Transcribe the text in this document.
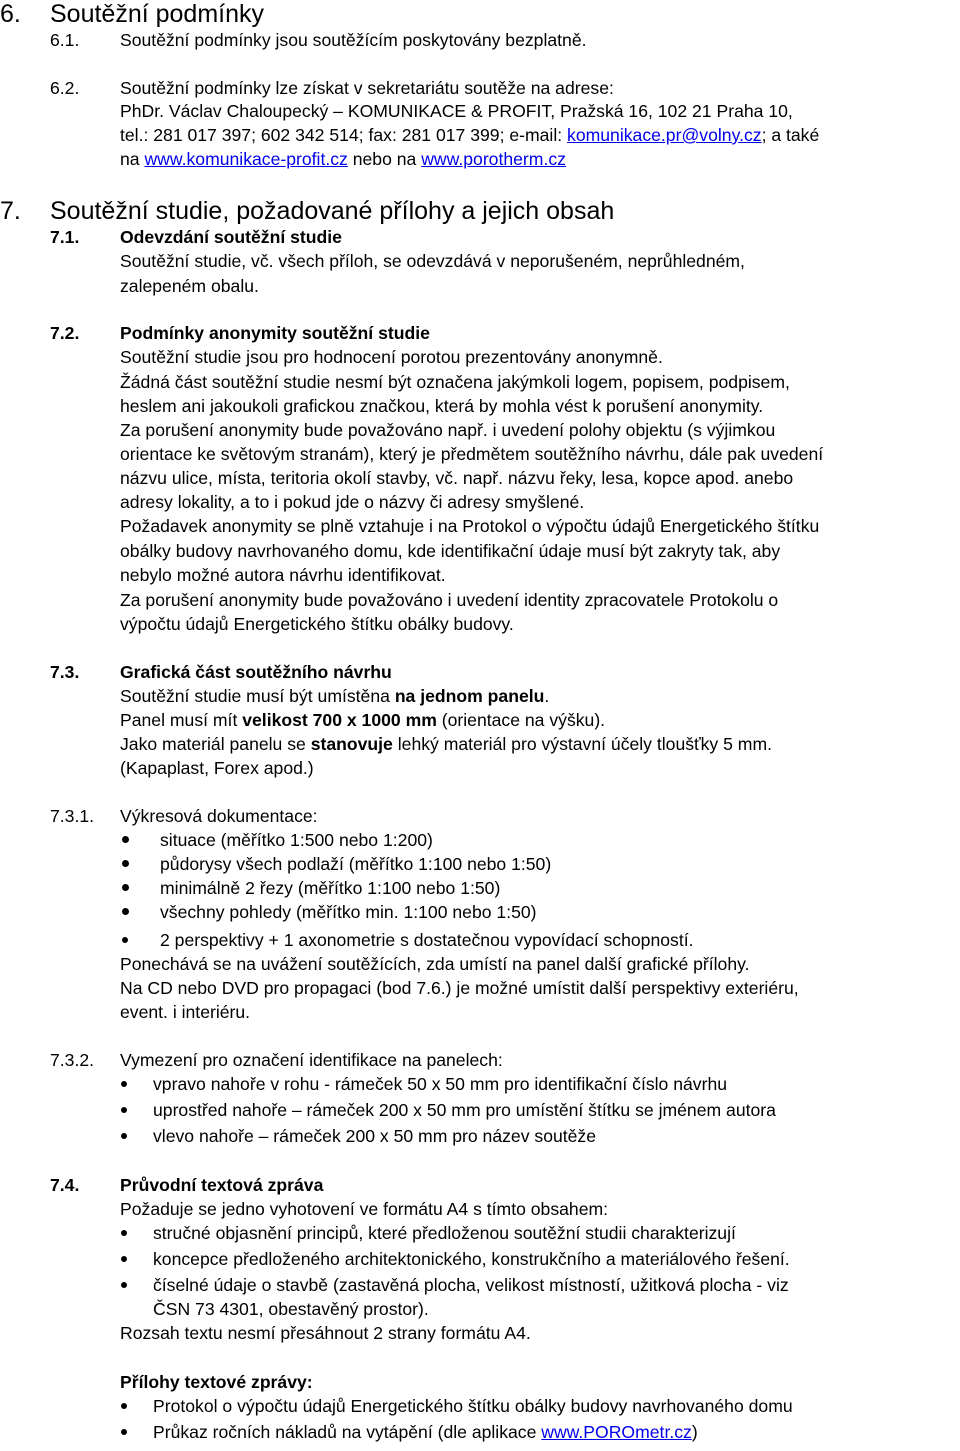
6. Soutěžní podmínky
6.1. Soutěžní podmínky jsou soutěžícím poskytovány bezplatně.
6.2. Soutěžní podmínky lze získat v sekretariátu soutěže na adrese:
PhDr. Václav Chaloupecký – KOMUNIKACE & PROFIT, Pražská 16, 102 21 Praha 10,
tel.: 281 017 397; 602 342 514; fax: 281 017 399; e-mail: komunikace.pr@volny.cz; a také
na www.komunikace-profit.cz nebo na www.porotherm.cz
7. Soutěžní studie, požadované přílohy a jejich obsah
7.1. Odevzdání soutěžní studie
Soutěžní studie, vč. všech příloh, se odevzdává v neporušeném, neprůhledném,
zalepeném obalu.
7.2. Podmínky anonymity soutěžní studie
Soutěžní studie jsou pro hodnocení porotou prezentovány anonymně.
Žádná část soutěžní studie nesmí být označena jakýmkoli logem, popisem, podpisem,
heslem ani jakoukoli grafickou značkou, která by mohla vést k porušení anonymity.
Za porušení anonymity bude považováno např. i uvedení polohy objektu (s výjimkou
orientace ke světovým stranám), který je předmětem soutěžního návrhu, dále pak uvedení
názvu ulice, místa, teritoria okolí stavby, vč. např. názvu řeky, lesa, kopce apod. anebo
adresy lokality, a to i pokud jde o názvy či adresy smyšlené.
Požadavek anonymity se plně vztahuje i na Protokol o výpočtu údajů Energetického štítku
obálky budovy navrhovaného domu, kde identifikační údaje musí být zakryty tak, aby
nebylo možné autora návrhu identifikovat.
Za porušení anonymity bude považováno i uvedení identity zpracovatele Protokolu o
výpočtu údajů Energetického štítku obálky budovy.
7.3. Grafická část soutěžního návrhu
Soutěžní studie musí být umístěna na jednom panelu.
Panel musí mít velikost 700 x 1000 mm (orientace na výšku).
Jako materiál panelu se stanovuje lehký materiál pro výstavní účely tloušťky 5 mm.
(Kapaplast, Forex apod.)
7.3.1. Výkresová dokumentace:
situace (měřítko 1:500 nebo 1:200)
půdorysy všech podlaží (měřítko 1:100 nebo 1:50)
minimálně 2 řezy (měřítko 1:100 nebo 1:50)
všechny pohledy (měřítko min. 1:100 nebo 1:50)
2 perspektivy + 1 axonometrie s dostatečnou vypovídací schopností.
Ponechává se na uvážení soutěžících, zda umístí na panel další grafické přílohy.
Na CD nebo DVD pro propagaci (bod 7.6.) je možné umístit další perspektivy exteriéru,
event. i interiéru.
7.3.2. Vymezení pro označení identifikace na panelech:
vpravo nahoře v rohu - rámeček 50 x 50 mm pro identifikační číslo návrhu
uprostřed nahoře – rámeček 200 x 50 mm pro umístění štítku se jménem autora
vlevo nahoře – rámeček 200 x 50 mm pro název soutěže
7.4. Průvodní textová zpráva
Požaduje se jedno vyhotovení ve formátu A4 s tímto obsahem:
stručné objasnění principů, které předloženou soutěžní studii charakterizují
koncepce předloženého architektonického, konstrukčního a materiálového řešení.
číselné údaje o stavbě (zastavěná plocha, velikost místností, užitková plocha - viz
ČSN 73 4301, obestavěný prostor).
Rozsah textu nesmí přesáhnout 2 strany formátu A4.
Přílohy textové zprávy:
Protokol o výpočtu údajů Energetického štítku obálky budovy navrhovaného domu
Průkaz ročních nákladů na vytápění (dle aplikace www.POROmetr.cz)
